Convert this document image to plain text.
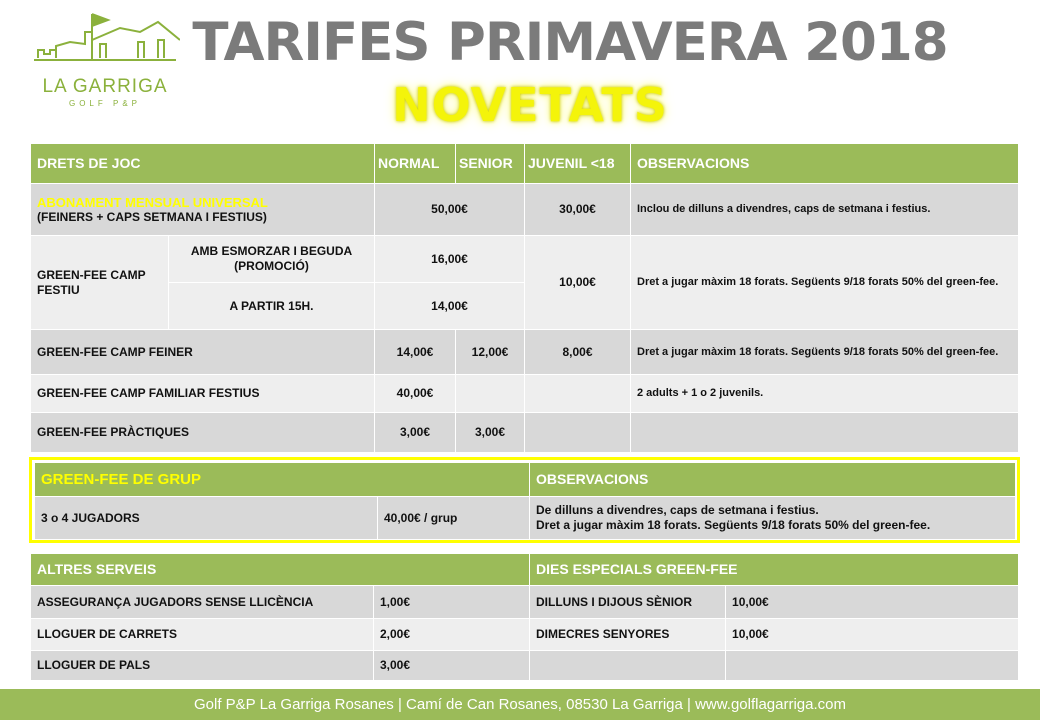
LA GARRIGA
GOLF P&P
TARIFES PRIMAVERA 2018
NOVETATS
DRETS DE JOC		NORMAL	SENIOR	JUVENIL <18	OBSERVACIONS

ABONAMENT MENSUAL UNIVERSAL
(FEINERS + CAPS SETMANA I FESTIUS)		50,00€		30,00€	Inclou de dilluns a divendres, caps de setmana i festius.
GREEN-FEE CAMP FESTIU	AMB ESMORZAR I BEGUDA (PROMOCIÓ)	16,00€		10,00€	Dret a jugar màxim 18 forats. Següents 9/18 forats 50% del green-fee.
	A PARTIR 15H.	14,00€			
GREEN-FEE CAMP FEINER		14,00€	12,00€	8,00€	Dret a jugar màxim 18 forats. Següents 9/18 forats 50% del green-fee.
GREEN-FEE CAMP FAMILIAR FESTIUS		40,00€			2 adults + 1 o 2 juvenils.
GREEN-FEE PRÀCTIQUES		3,00€	3,00€		
GREEN-FEE DE GRUP		OBSERVACIONS
3 o 4 JUGADORS	40,00€ / grup	De dilluns a divendres, caps de setmana i festius.
Dret a jugar màxim 18 forats. Següents 9/18 forats 50% del green-fee.
ALTRES SERVEIS		DIES ESPECIALS GREEN-FEE	
ASSEGURANÇA JUGADORS SENSE LLICÈNCIA	1,00€	DILLUNS I DIJOUS SÈNIOR	10,00€
LLOGUER DE CARRETS	2,00€	DIMECRES SENYORES	10,00€
LLOGUER DE PALS	3,00€		
Golf P&P La Garriga Rosanes | Camí de Can Rosanes, 08530 La Garriga | www.golflagarriga.com
